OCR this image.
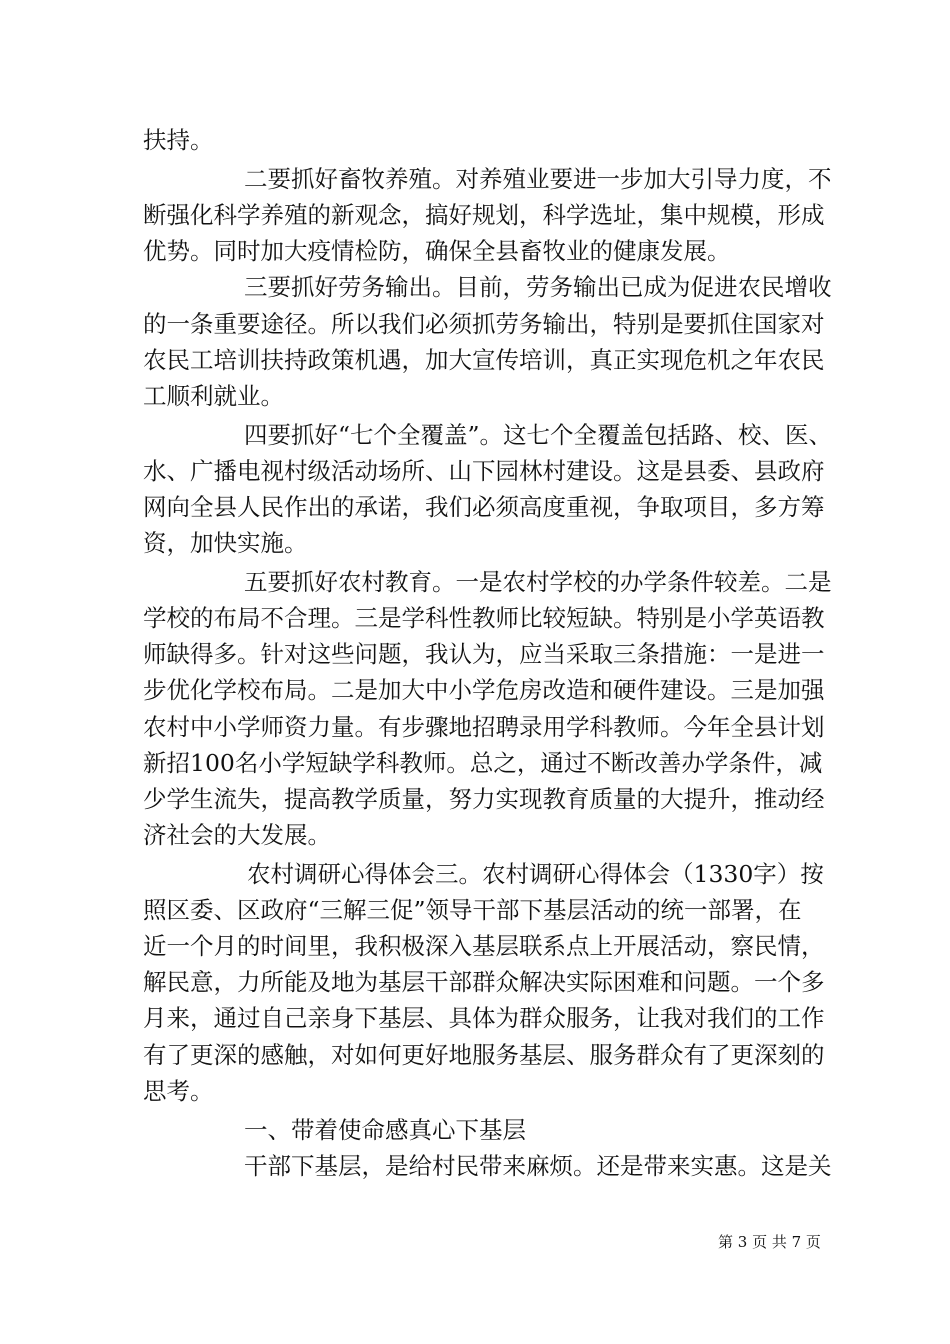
扶持。

二要抓好畜牧养殖。对养殖业要进一步加大引导力度，不

断强化科学养殖的新观念，搞好规划，科学选址，集中规模，形成

优势。同时加大疫情检防，确保全县畜牧业的健康发展。

三要抓好劳务输出。目前，劳务输出已成为促进农民增收

的一条重要途径。所以我们必须抓劳务输出，特别是要抓住国家对

农民工培训扶持政策机遇，加大宣传培训，真正实现危机之年农民

工顺利就业。

四要抓好“七个全覆盖”。这七个全覆盖包括路、校、医、

水、广播电视村级活动场所、山下园林村建设。这是县委、县政府

网向全县人民作出的承诺，我们必须高度重视，争取项目，多方筹

资，加快实施。

五要抓好农村教育。一是农村学校的办学条件较差。二是

学校的布局不合理。三是学科性教师比较短缺。特别是小学英语教

师缺得多。针对这些问题，我认为，应当采取三条措施：一是进一

步优化学校布局。二是加大中小学危房改造和硬件建设。三是加强

农村中小学师资力量。有步骤地招聘录用学科教师。今年全县计划

新招100名小学短缺学科教师。总之，通过不断改善办学条件，减

少学生流失，提高教学质量，努力实现教育质量的大提升，推动经

济社会的大发展。

农村调研心得体会三。农村调研心得体会（1330字）按

照区委、区政府“三解三促”领导干部下基层活动的统一部署，在

近一个月的时间里，我积极深入基层联系点上开展活动，察民情，

解民意，力所能及地为基层干部群众解决实际困难和问题。一个多

月来，通过自己亲身下基层、具体为群众服务，让我对我们的工作

有了更深的感触，对如何更好地服务基层、服务群众有了更深刻的

思考。

一、带着使命感真心下基层

干部下基层，是给村民带来麻烦。还是带来实惠。这是关

第 3 页 共 7 页
